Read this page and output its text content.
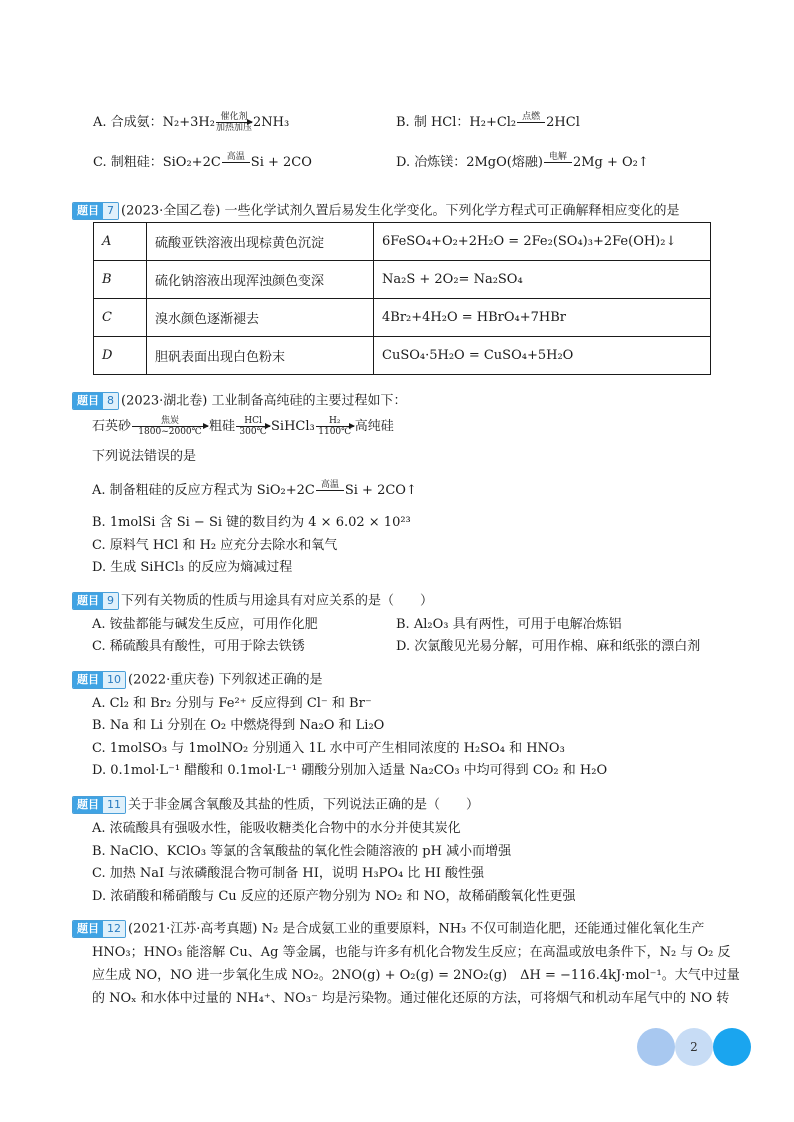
A. 合成氨：N₂+3H₂ 催化剂
加热加压 2NH₃	B. 制 HCl：H₂+Cl₂ 点燃
2HCl
C. 制粗硅：SiO₂+2C 高温
Si + 2CO	D. 冶炼镁：2MgO(熔融) 电解
2Mg + O₂↑
题目 7 (2023·全国乙卷) 一些化学试剂久置后易发生化学变化。下列化学方程式可正确解释相应变化的是
A	硫酸亚铁溶液出现棕黄色沉淀	6FeSO₄+O₂+2H₂O = 2Fe₂(SO₄)₃+2Fe(OH)₂↓
B	硫化钠溶液出现浑浊颜色变深	Na₂S + 2O₂= Na₂SO₄
C	溴水颜色逐渐褪去	4Br₂+4H₂O = HBrO₄+7HBr
D	胆矾表面出现白色粉末	CuSO₄·5H₂O = CuSO₄+5H₂O
题目 8 (2023·湖北卷) 工业制备高纯硅的主要过程如下：
石英砂	焦炭
1800~2000℃ 粗硅 HCl
300℃ SiHCl₃ $\frac{\text{H₂}}{1100℃}$ 高纯硅
下列说法错误的是
A. 制备粗硅的反应方程式为 SiO₂+2C 高温
Si + 2CO↑
B. 1molSi 含 Si − Si 键的数目约为 4 × 6.02 × 10²³
C. 原料气 HCl 和 H₂ 应充分去除水和氧气
D. 生成 SiHCl₃ 的反应为熵减过程
题目 9 下列有关物质的性质与用途具有对应关系的是（　　）
A. 铵盐都能与碱发生反应，可用作化肥	B. Al₂O₃ 具有两性，可用于电解冶炼铝
C. 稀硫酸具有酸性，可用于除去铁锈	D. 次氯酸见光易分解，可用作棉、麻和纸张的漂白剂
题目 10 (2022·重庆卷) 下列叙述正确的是
A. Cl₂ 和 Br₂ 分别与 Fe²⁺ 反应得到 Cl⁻ 和 Br⁻
B. Na 和 Li 分别在 O₂ 中燃烧得到 Na₂O 和 Li₂O
C. 1molSO₃ 与 1molNO₂ 分别通入 1L 水中可产生相同浓度的 H₂SO₄ 和 HNO₃
D. 0.1mol·L⁻¹ 醋酸和 0.1mol·L⁻¹ 硼酸分别加入适量 Na₂CO₃ 中均可得到 CO₂ 和 H₂O
题目 11 关于非金属含氧酸及其盐的性质，下列说法正确的是（　　）
A. 浓硫酸具有强吸水性，能吸收糖类化合物中的水分并使其炭化
B. NaClO、KClO₃ 等氯的含氧酸盐的氧化性会随溶液的 pH 减小而增强
C. 加热 NaI 与浓磷酸混合物可制备 HI，说明 H₃PO₄ 比 HI 酸性强
D. 浓硝酸和稀硝酸与 Cu 反应的还原产物分别为 NO₂ 和 NO，故稀硝酸氧化性更强
题目 12 (2021·江苏·高考真题) N₂ 是合成氨工业的重要原料，NH₃ 不仅可制造化肥，还能通过催化氧化生产
HNO₃；HNO₃ 能溶解 Cu、Ag 等金属，也能与许多有机化合物发生反应；在高温或放电条件下，N₂ 与 O₂ 反
应生成 NO，NO 进一步氧化生成 NO₂。2NO(g) + O₂(g) = 2NO₂(g)　ΔH = −116.4kJ·mol⁻¹。大气中过量
的 NOₓ 和水体中过量的 NH₄⁺、NO₃⁻ 均是污染物。通过催化还原的方法，可将烟气和机动车尾气中的 NO 转
2
